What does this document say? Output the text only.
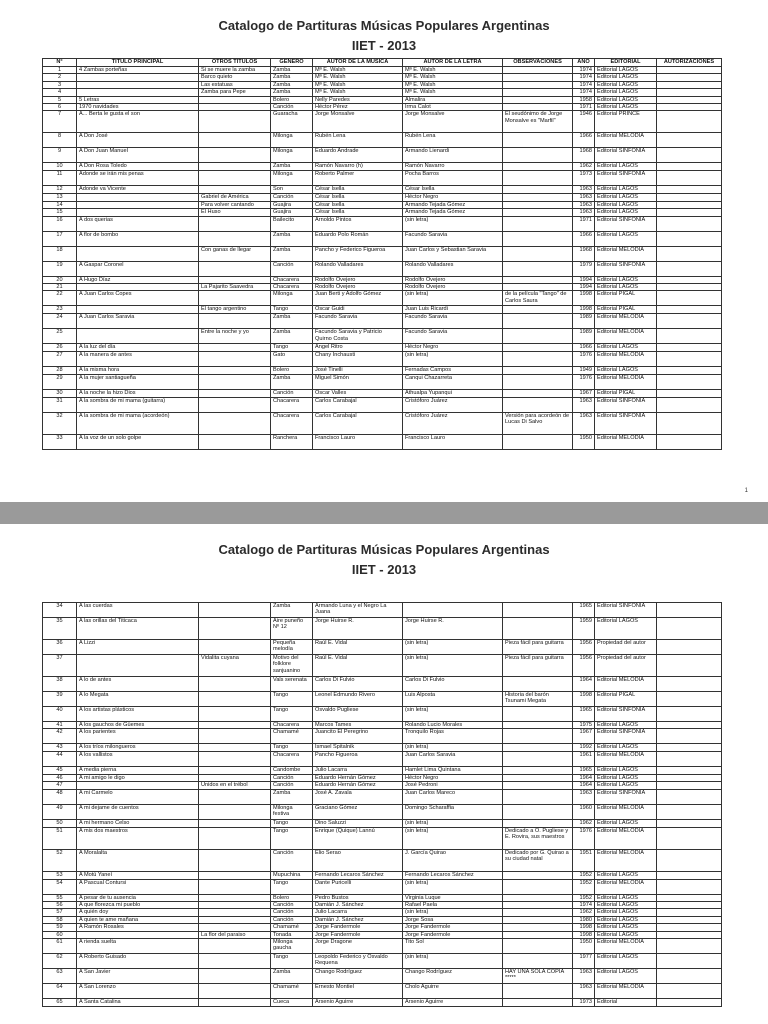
Catalogo de Partituras Músicas Populares Argentinas
IIET - 2013
N°	TITULO PRINCIPAL	OTROS TITULOS	GENERO	AUTOR DE LA MUSICA	AUTOR DE LA LETRA	OBSERVACIONES	AÑO	EDITORIAL	AUTORIZACIONES
1	4 Zambas porteñas	Si se muere la zamba	Zamba	Mª E. Walsh	Mª E. Walsh		1974	Editorial LAGOS	
2		Barco quieto	Zamba	Mª E. Walsh	Mª E. Walsh		1974	Editorial LAGOS	
3		Las estatuas	Zamba	Mª E. Walsh	Mª E. Walsh		1974	Editorial LAGOS	
4		Zamba para Pepe	Zamba	Mª E. Walsh	Mª E. Walsh		1974	Editorial LAGOS	
5	5 Letras		Bolero	Nelly Paredes	Almalira		1958	Editorial LAGOS	
6	1970 navidades		Canción	Héctor Pérez	Irma Calot		1971	Editorial LAGOS	
7	A... Berta le gusta el son		Guaracha	Jorge Monsalve	Jorge Monsalve	El seudónimo de Jorge Monsalve es "Marfil"	1946	Editorial PRINCE	
8	A Don José		Milonga	Rubén Lena	Rubén Lena		1966	Editorial MELODIA	
9	A Don Juan Manuel		Milonga	Eduardo Andrade	Armando Lienardi		1968	Editorial SINFONIA	
10	A Don Rosa Toledo		Zamba	Ramón Navarro (h)	Ramón Navarro		1962	Editorial LAGOS	
11	Adonde se irán mis penas		Milonga	Roberto Palmer	Pocha Barros		1973	Editorial SINFONIA	
12	Adonde va Vicente		Son	César Isella	César Isella		1963	Editorial LAGOS	
13		Gabriel de América	Canción	César Isella	Héctor Negro		1963	Editorial LAGOS	
14		Para volver cantando	Guajira	César Isella	Armando Tejada Gómez		1963	Editorial LAGOS	
15		El Huso	Guajira	César Isella	Armando Tejada Gómez		1963	Editorial LAGOS	
16	A dos querias		Bailecito	Arnoldo Pintos	(sin letra)		1971	Editorial SINFONIA	
17	A flor de bombo		Zamba	Eduardo Polo Román	Facundo Saravia		1966	Editorial LAGOS	
18		Con ganas de llegar	Zamba	Pancho y Federico Figueroa	Juan Carlos y Sebastian Saravia		1968	Editorial MELODIA	
19	A Gaspar Coronel		Canción	Rolando Valladares	Rolando Valladares		1979	Editorial SINFONIA	
20	A Hugo Díaz		Chacarera	Rodolfo Ovejero	Rodolfo Ovejero		1994	Editorial LAGOS	
21		La Pajarito Saavedra	Chacarera	Rodolfo Ovejero	Rodolfo Ovejero		1994	Editorial LAGOS	
22	A Juan Carlos Copes		Milonga	Juan Berti y Adolfo Gómez	(sin letra)	de la película "Tango" de Carlos Saura	1998	Editorial PIGAL	
23		El tango argentino	Tango	Oscar Guidi	Juan Luis Ricardi		1998	Editorial PIGAL	
24	A Juan Carlos Saravia		Zamba	Facundo Saravia	Facundo Saravia		1989	Editorial MELODIA	
25		Entre la noche y yo	Zamba	Facundo Saravia y Patricio Quirno Costa	Facundo Saravia		1989	Editorial MELODIA	
26	A la luz del día		Tango	Angel Ritro	Héctor Negro		1966	Editorial LAGOS	
27	A la manera de antes		Gato	Chany Inchausti	(sin letra)		1976	Editorial MELODIA	
28	A la misma hora		Bolero	José Tinelli	Fernadas Campos		1949	Editorial LAGOS	
29	A la mujer santiagueña		Zamba	Miguel Simón	Canqui Chazarreta		1976	Editorial MELODIA	
30	A la noche la hizo Dios		Canción	Oscar Valles	Athualpa Yupanqui		1967	Editorial PIGAL	
31	A la sombra de mi mama (guitarra)		Chacarera	Carlos Carabajal	Cristóforo Juárez		1963	Editorial SINFONIA	
32	A la sombra de mi mama (acordeón)		Chacarera	Carlos Carabajal	Cristóforo Juárez	Versión para acordeón de Lucas Di Salvo	1963	Editorial SINFONIA	
33	A la voz de un solo golpe		Ranchera	Francisco Lauro	Francisco Lauro		1950	Editorial MELODIA	
1
Catalogo de Partituras Músicas Populares Argentinas
IIET - 2013
34	A las cuerdas		Zamba	Armando Luna y el Negro La Juana			1965	Editorial SINFONIA	
35	A las orillas del Titicaca		Aire puneño Nº 12	Jorge Huirse R.	Jorge Huirse R.		1959	Editorial LAGOS	
36	A Lizzi		Pequeña melodía	Raúl E. Vidal	(sin letra)	Pieza fácil para guitarra	1956	Propiedad del autor	
37		Vidalita cuyana	Motivo del folklore sanjuanino	Raúl E. Vidal	(sin letra)	Pieza fácil para guitarra	1956	Propiedad del autor	
38	A lo de antes		Vals serenata	Carlos Di Fulvio	Carlos Di Fulvio		1964	Editorial MELODIA	
39	A lo Megata		Tango	Leonel Edmundo Rivero	Luis Alposta	Historia del barón Tsunami Megata	1998	Editorial PIGAL	
40	A los artistas plásticos		Tango	Osvaldo Pugliese	(sin letra)		1965	Editorial SINFONIA	
41	A los gauchos de Güemes		Chacarera	Marcos Tames	Rolando Lucio Morales		1975	Editorial LAGOS	
42	A los parientes		Chamamé	Juancito El Peregrino	Tronquilo Rojas		1967	Editorial SINFONIA	
43	A los tríos milongueros		Tango	Ismael Spitalnik	(sin letra)		1992	Editorial LAGOS	
44	A los vallistos		Chacarera	Pancho Figueroa	Juan Carlos Saravia		1961	Editorial MELODIA	
45	A media pierna		Candombe	Julio Lacarra	Hamlet Lima Quintana		1965	Editorial LAGOS	
46	A mi amigo le digo		Canción	Eduardo Hernán Gómez	Héctor Negro		1964	Editorial LAGOS	
47		Unidos en el trébol	Canción	Eduardo Hernán Gómez	José Pedroni		1964	Editorial LAGOS	
48	A mi Carmelo		Zamba	José A. Zavala	Juan Carlos Mareco		1963	Editorial SINFONIA	
49	A mi dejame de cuentos		Milonga festiva	Graciano Gómez	Domingo Scharaffia		1960	Editorial MELODIA	
50	A mi hermano Celso		Tango	Dino Saluzzi	(sin letra)		1962	Editorial LAGOS	
51	A mis dos maestros		Tango	Enrique (Quique) Lannú	(sin letra)	Dedicado a O. Pugliese y E. Rovira, sus maestros	1976	Editorial MELODIA	
52	A Moralalta		Canción	Elio Serao	J. García Quirao	Dedicado por G. Quirao a su ciudad natal	1951	Editorial MELODIA	
53	A Motú Yaneí		Mupuchina	Fernando Lecaros Sánchez	Fernando Lecaros Sánchez		1952	Editorial LAGOS	
54	A Pascual Contursi		Tango	Dante Puricelli	(sin letra)		1952	Editorial MELODIA	
55	A pesar de tu ausencia		Bolero	Pedro Bustos	Virginia Luque		1952	Editorial LAGOS	
56	A que florezca mi pueblo		Canción	Damián J. Sánchez	Rafael Paela		1974	Editorial LAGOS	
57	A quién doy		Canción	Julio Lacarra	(sin letra)		1962	Editorial LAGOS	
58	A quien te ame mañana		Canción	Damián J. Sánchez	Jorge Sosa		1980	Editorial LAGOS	
59	A Ramón Rosales		Chamamé	Jorge Fandermole	Jorge Fandermole		1998	Editorial LAGOS	
60		La flor del paraiso	Tonada	Jorge Fandermole	Jorge Fandermole		1998	Editorial LAGOS	
61	A rienda suelta		Milonga gaucha	Jorge Dragone	Tito Sol		1950	Editorial MELODIA	
62	A Roberto Guisado		Tango	Leopoldo Federico y Osvaldo Requena	(sin letra)		1977	Editorial LAGOS	
63	A San Javier		Zamba	Chango Rodríguez	Chango Rodríguez	HAY UNA SOLA COPIA *****	1963	Editorial LAGOS	
64	A San Lorenzo		Chamamé	Ernesto Montiel	Cholo Aguirre		1963	Editorial MELODIA	
65	A Santa Catalina		Cueca	Arsenio Aguirre	Arsenio Aguirre		1973	Editorial	
